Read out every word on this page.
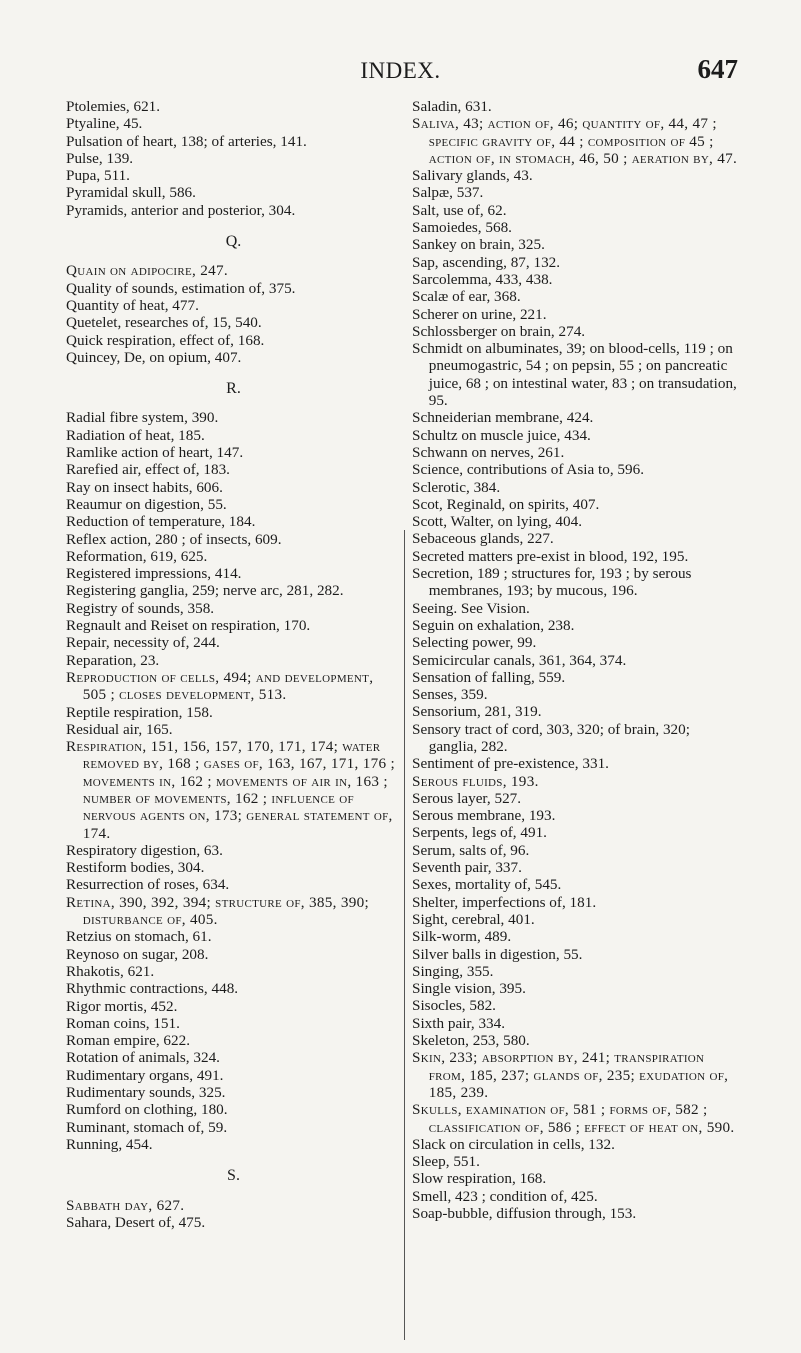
INDEX.	647
Ptolemies, 621.
Ptyaline, 45.
Pulsation of heart, 138; of arteries, 141.
Pulse, 139.
Pupa, 511.
Pyramidal skull, 586.
Pyramids, anterior and posterior, 304.
Q.
Quain on adipocire, 247.
Quality of sounds, estimation of, 375.
Quantity of heat, 477.
Quetelet, researches of, 15, 540.
Quick respiration, effect of, 168.
Quincey, De, on opium, 407.
R.
Radial fibre system, 390.
Radiation of heat, 185.
Ramlike action of heart, 147.
Rarefied air, effect of, 183.
Ray on insect habits, 606.
Reaumur on digestion, 55.
Reduction of temperature, 184.
Reflex action, 280 ; of insects, 609.
Reformation, 619, 625.
Registered impressions, 414.
Registering ganglia, 259; nerve arc, 281, 282.
Registry of sounds, 358.
Regnault and Reiset on respiration, 170.
Repair, necessity of, 244.
Reparation, 23.
Reproduction of cells, 494; and development, 505 ; closes development, 513.
Reptile respiration, 158.
Residual air, 165.
Respiration, 151, 156, 157, 170, 171, 174; water removed by, 168 ; gases of, 163, 167, 171, 176 ; movements in, 162 ; movements of air in, 163 ; number of movements, 162 ; influence of nervous agents on, 173; general statement of, 174.
Respiratory digestion, 63.
Restiform bodies, 304.
Resurrection of roses, 634.
Retina, 390, 392, 394; structure of, 385, 390; disturbance of, 405.
Retzius on stomach, 61.
Reynoso on sugar, 208.
Rhakotis, 621.
Rhythmic contractions, 448.
Rigor mortis, 452.
Roman coins, 151.
Roman empire, 622.
Rotation of animals, 324.
Rudimentary organs, 491.
Rudimentary sounds, 325.
Rumford on clothing, 180.
Ruminant, stomach of, 59.
Running, 454.
S.
Sabbath day, 627.
Sahara, Desert of, 475.
Saladin, 631.
Saliva, 43; action of, 46; quantity of, 44, 47 ; specific gravity of, 44 ; composition of 45 ; action of, in stomach, 46, 50 ; aeration by, 47.
Salivary glands, 43.
Salpæ, 537.
Salt, use of, 62.
Samoiedes, 568.
Sankey on brain, 325.
Sap, ascending, 87, 132.
Sarcolemma, 433, 438.
Scalæ of ear, 368.
Scherer on urine, 221.
Schlossberger on brain, 274.
Schmidt on albuminates, 39; on blood-cells, 119 ; on pneumogastric, 54 ; on pepsin, 55 ; on pancreatic juice, 68 ; on intestinal water, 83 ; on transudation, 95.
Schneiderian membrane, 424.
Schultz on muscle juice, 434.
Schwann on nerves, 261.
Science, contributions of Asia to, 596.
Sclerotic, 384.
Scot, Reginald, on spirits, 407.
Scott, Walter, on lying, 404.
Sebaceous glands, 227.
Secreted matters pre-exist in blood, 192, 195.
Secretion, 189 ; structures for, 193 ; by serous membranes, 193; by mucous, 196.
Seeing. See Vision.
Seguin on exhalation, 238.
Selecting power, 99.
Semicircular canals, 361, 364, 374.
Sensation of falling, 559.
Senses, 359.
Sensorium, 281, 319.
Sensory tract of cord, 303, 320; of brain, 320; ganglia, 282.
Sentiment of pre-existence, 331.
Serous fluids, 193.
Serous layer, 527.
Serous membrane, 193.
Serpents, legs of, 491.
Serum, salts of, 96.
Seventh pair, 337.
Sexes, mortality of, 545.
Shelter, imperfections of, 181.
Sight, cerebral, 401.
Silk-worm, 489.
Silver balls in digestion, 55.
Singing, 355.
Single vision, 395.
Sisocles, 582.
Sixth pair, 334.
Skeleton, 253, 580.
Skin, 233; absorption by, 241; transpiration from, 185, 237; glands of, 235; exudation of, 185, 239.
Skulls, examination of, 581 ; forms of, 582 ; classification of, 586 ; effect of heat on, 590.
Slack on circulation in cells, 132.
Sleep, 551.
Slow respiration, 168.
Smell, 423 ; condition of, 425.
Soap-bubble, diffusion through, 153.
